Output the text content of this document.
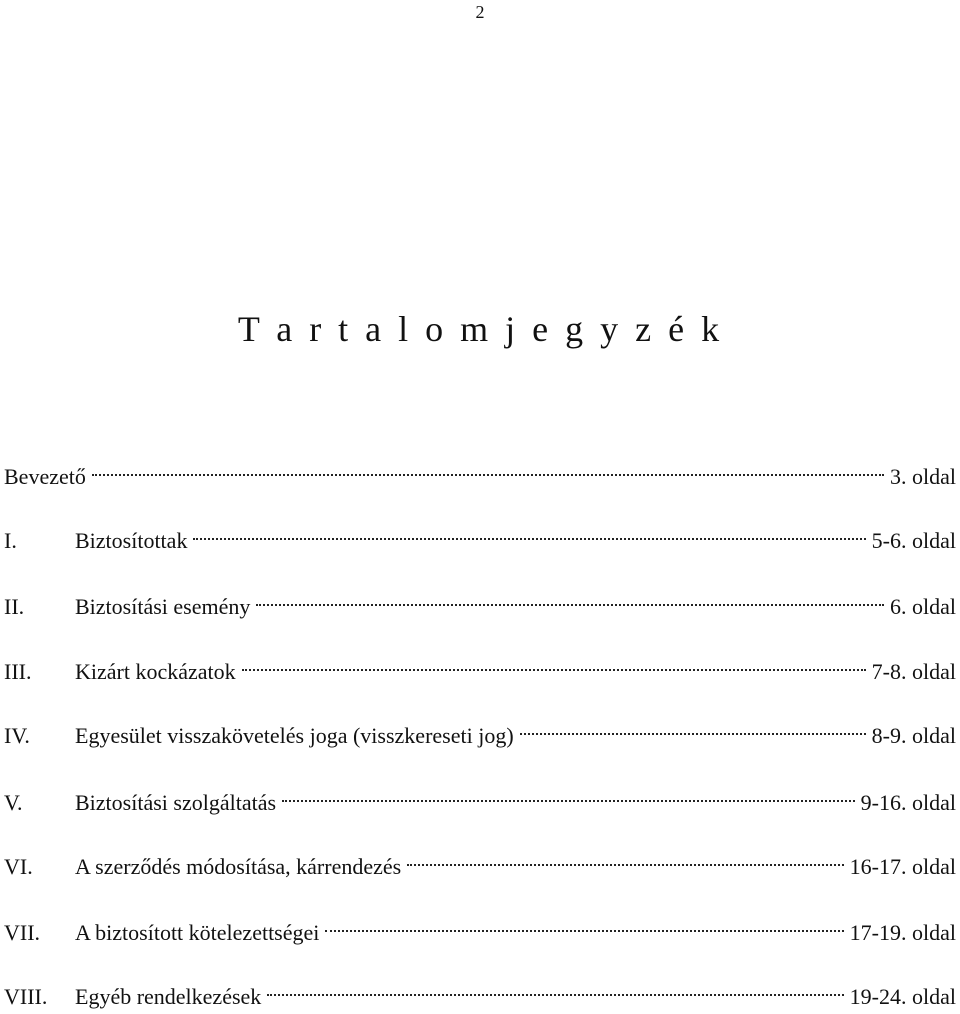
2
T a r t a l o m j e g y z é k
Bevezető	3. oldal
I.	Biztosítottak	5-6. oldal
II.	Biztosítási esemény	6. oldal
III.	Kizárt kockázatok	7-8. oldal
IV.	Egyesület visszakövetelés joga (visszkereseti jog)	8-9. oldal
V.	Biztosítási szolgáltatás	9-16. oldal
VI.	A szerződés módosítása, kárrendezés	16-17. oldal
VII.	A biztosított kötelezettségei	17-19. oldal
VIII.	Egyéb rendelkezések	19-24. oldal
